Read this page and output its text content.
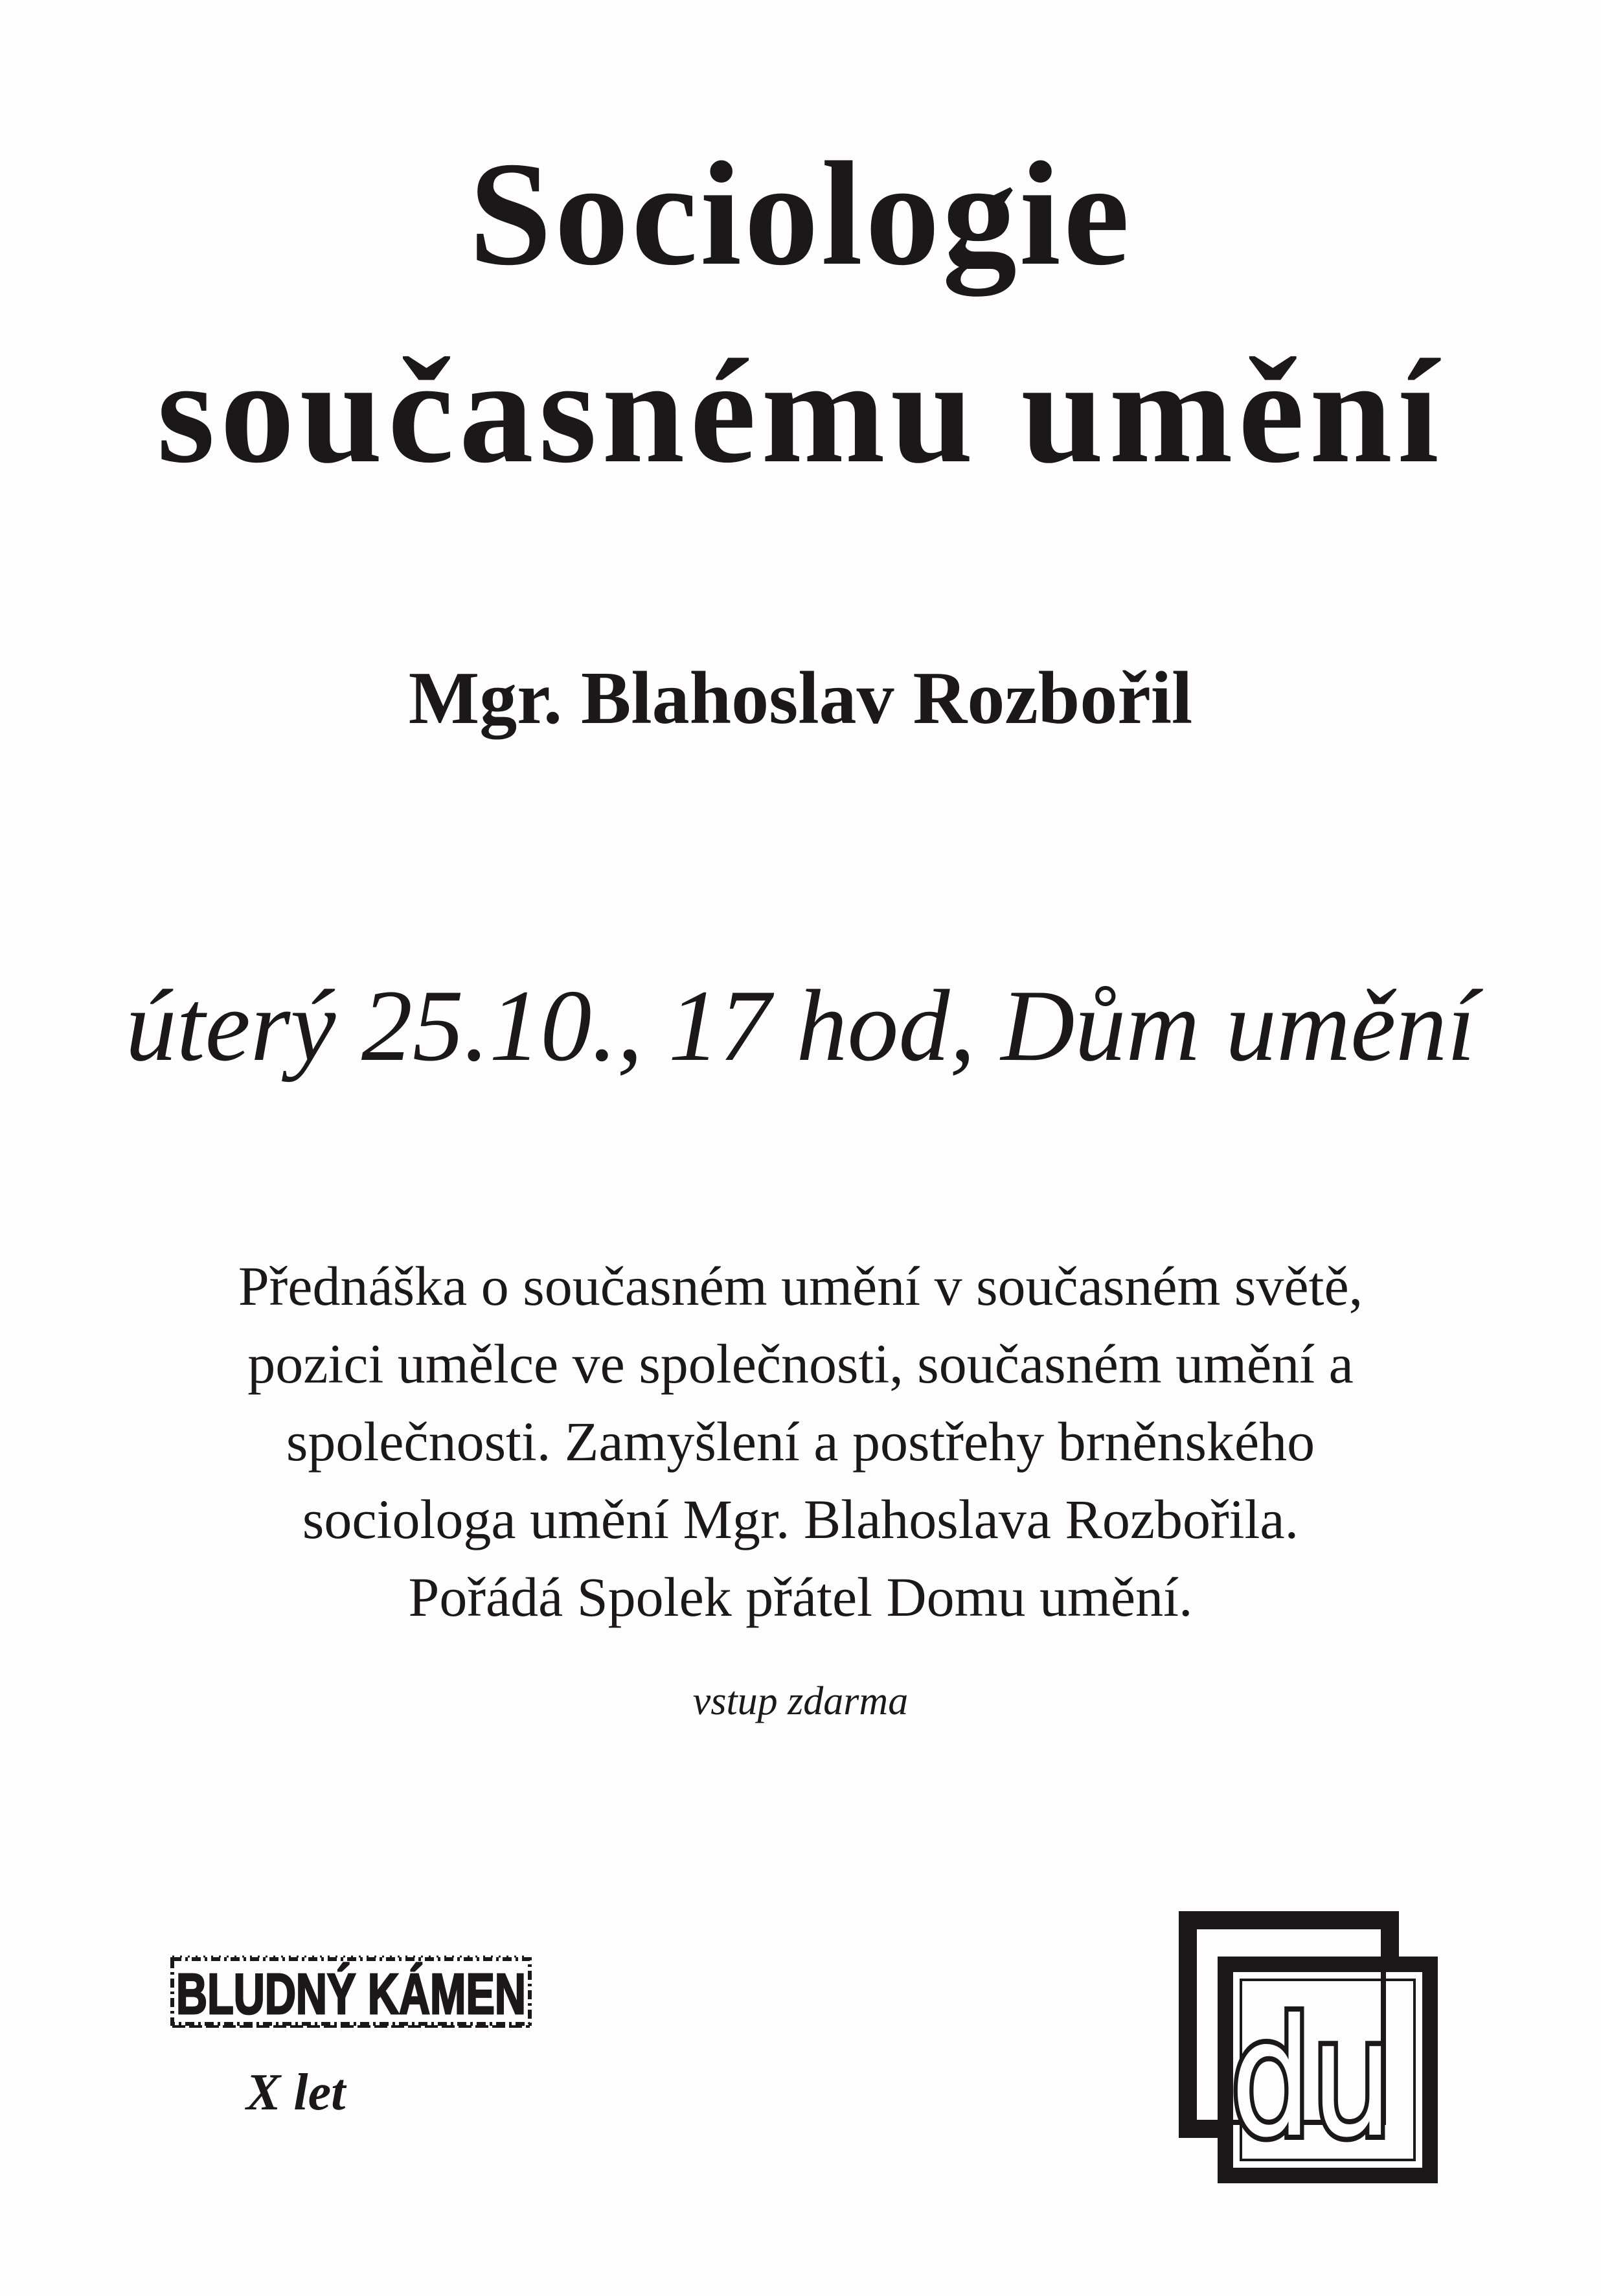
Sociologie
současnému umění
Mgr. Blahoslav Rozbořil
úterý 25.10., 17 hod, Dům umění
Přednáška o současném umění v současném světě,
pozici umělce ve společnosti, současném umění a
společnosti. Zamyšlení a postřehy brněnského
sociologa umění Mgr. Blahoslava Rozbořila.
Pořádá Spolek přátel Domu umění.
vstup zdarma
BLUDNÝ KÁMEN
X let	du
